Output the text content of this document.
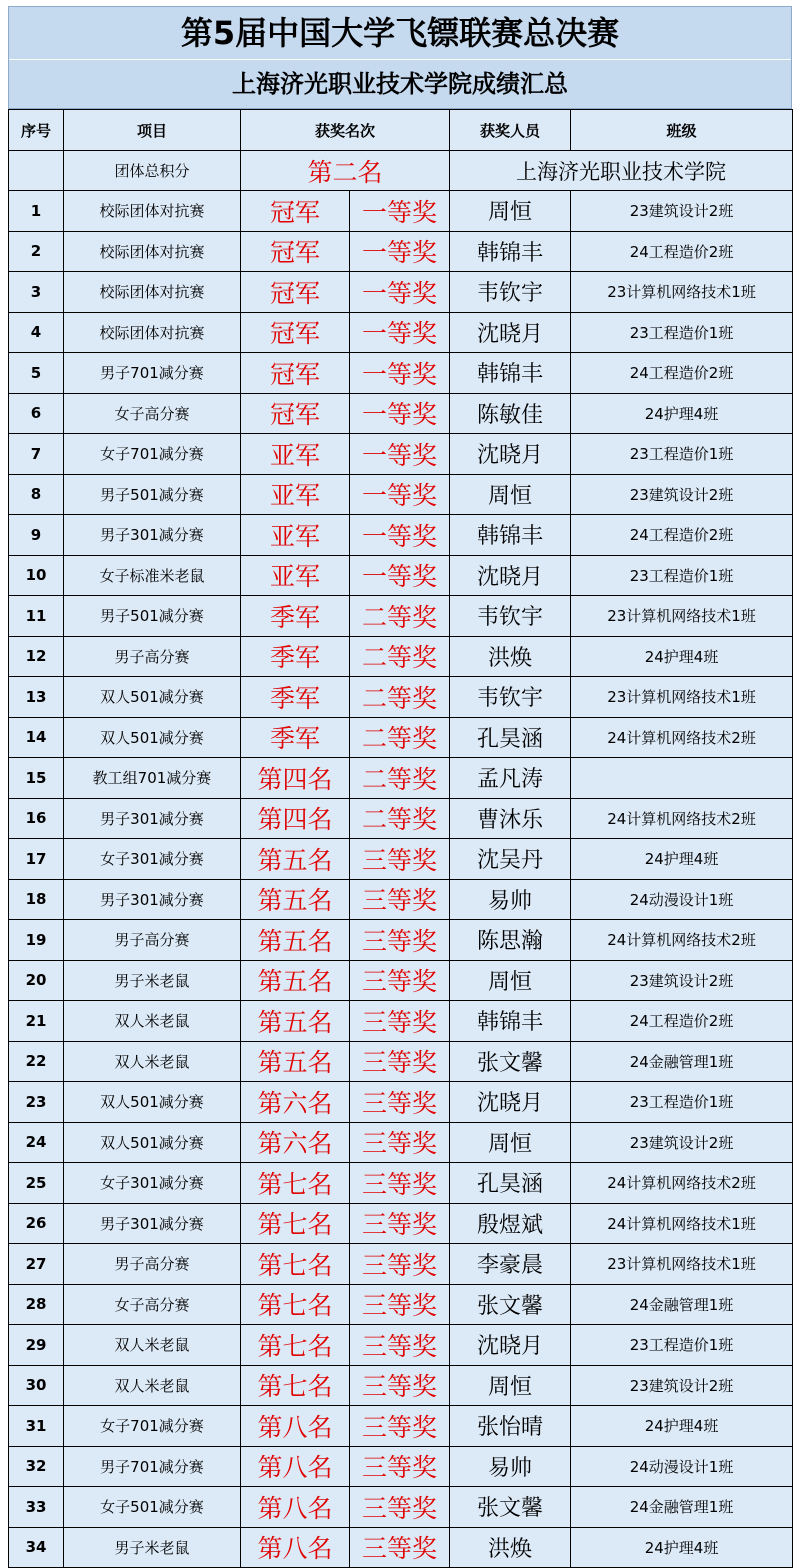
第5届中国大学飞镖联赛总决赛
上海济光职业技术学院成绩汇总
序号	项目	获奖名次		获奖人员	班级
	团体总积分	第二名		上海济光职业技术学院	
1	校际团体对抗赛	冠军	一等奖	周恒	23建筑设计2班
2	校际团体对抗赛	冠军	一等奖	韩锦丰	24工程造价2班
3	校际团体对抗赛	冠军	一等奖	韦钦宇	23计算机网络技术1班
4	校际团体对抗赛	冠军	一等奖	沈晓月	23工程造价1班
5	男子701减分赛	冠军	一等奖	韩锦丰	24工程造价2班
6	女子高分赛	冠军	一等奖	陈敏佳	24护理4班
7	女子701减分赛	亚军	一等奖	沈晓月	23工程造价1班
8	男子501减分赛	亚军	一等奖	周恒	23建筑设计2班
9	男子301减分赛	亚军	一等奖	韩锦丰	24工程造价2班
10	女子标准米老鼠	亚军	一等奖	沈晓月	23工程造价1班
11	男子501减分赛	季军	二等奖	韦钦宇	23计算机网络技术1班
12	男子高分赛	季军	二等奖	洪焕	24护理4班
13	双人501减分赛	季军	二等奖	韦钦宇	23计算机网络技术1班
14	双人501减分赛	季军	二等奖	孔昊涵	24计算机网络技术2班
15	教工组701减分赛	第四名	二等奖	孟凡涛	
16	男子301减分赛	第四名	二等奖	曹沐乐	24计算机网络技术2班
17	女子301减分赛	第五名	三等奖	沈吴丹	24护理4班
18	男子301减分赛	第五名	三等奖	易帅	24动漫设计1班
19	男子高分赛	第五名	三等奖	陈思瀚	24计算机网络技术2班
20	男子米老鼠	第五名	三等奖	周恒	23建筑设计2班
21	双人米老鼠	第五名	三等奖	韩锦丰	24工程造价2班
22	双人米老鼠	第五名	三等奖	张文馨	24金融管理1班
23	双人501减分赛	第六名	三等奖	沈晓月	23工程造价1班
24	双人501减分赛	第六名	三等奖	周恒	23建筑设计2班
25	女子301减分赛	第七名	三等奖	孔昊涵	24计算机网络技术2班
26	男子301减分赛	第七名	三等奖	殷煜斌	24计算机网络技术1班
27	男子高分赛	第七名	三等奖	李豪晨	23计算机网络技术1班
28	女子高分赛	第七名	三等奖	张文馨	24金融管理1班
29	双人米老鼠	第七名	三等奖	沈晓月	23工程造价1班
30	双人米老鼠	第七名	三等奖	周恒	23建筑设计2班
31	女子701减分赛	第八名	三等奖	张怡晴	24护理4班
32	男子701减分赛	第八名	三等奖	易帅	24动漫设计1班
33	女子501减分赛	第八名	三等奖	张文馨	24金融管理1班
34	男子米老鼠	第八名	三等奖	洪焕	24护理4班
